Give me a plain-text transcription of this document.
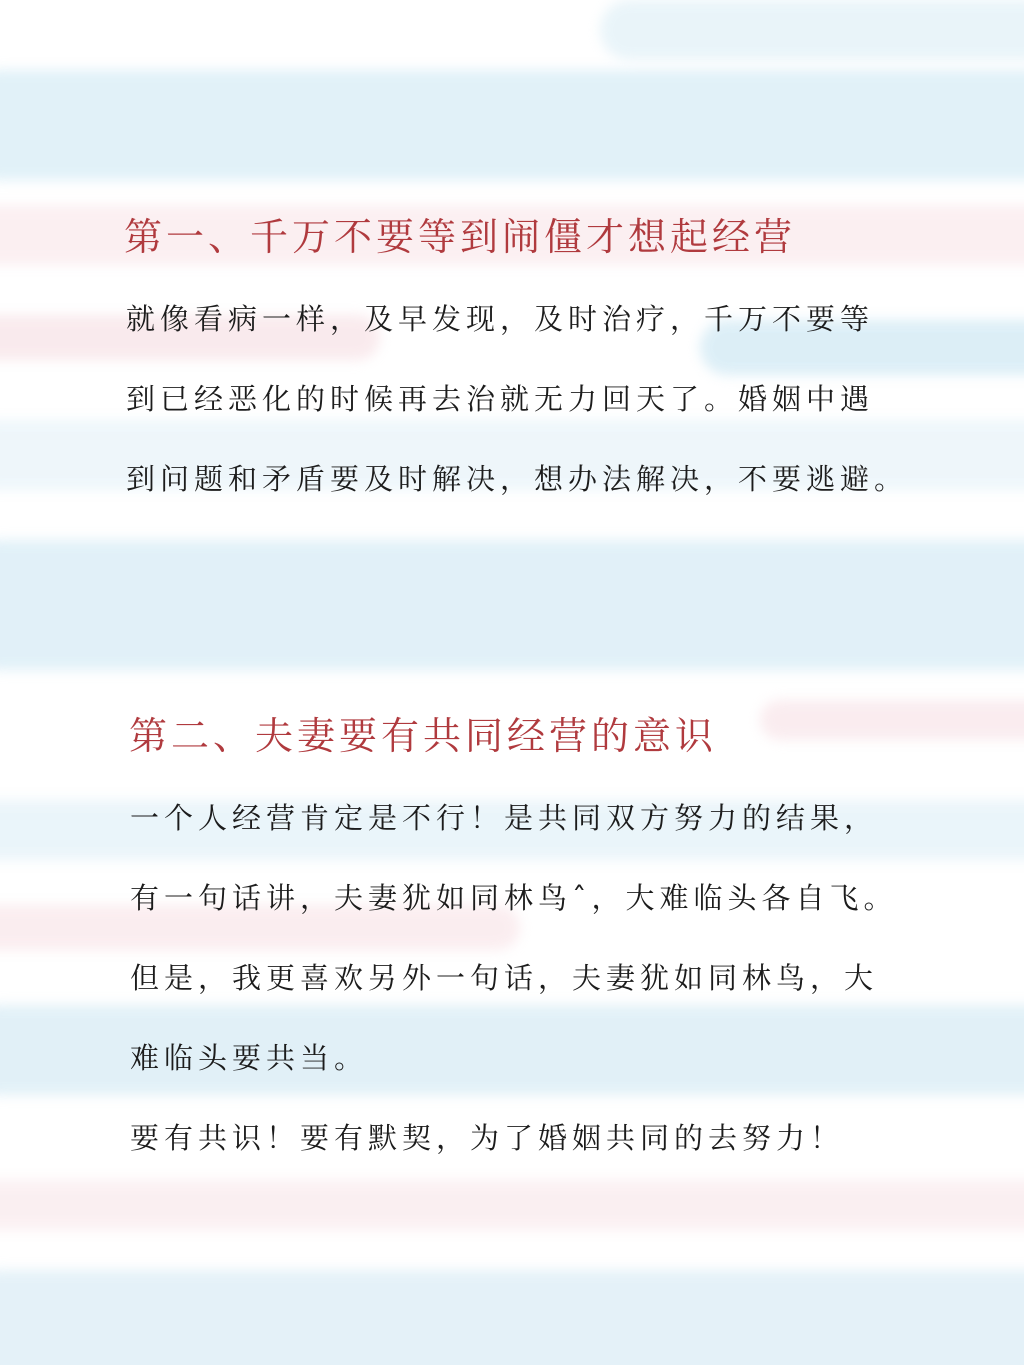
第一、千万不要等到闹僵才想起经营

就像看病一样，及早发现，及时治疗，千万不要等

到已经恶化的时候再去治就无力回天了。婚姻中遇

到问题和矛盾要及时解决，想办法解决，不要逃避。

第二、夫妻要有共同经营的意识

一个人经营肯定是不行！是共同双方努力的结果，

有一句话讲，夫妻犹如同林鸟ˆ，大难临头各自飞。

但是，我更喜欢另外一句话，夫妻犹如同林鸟，大

难临头要共当。

要有共识！要有默契，为了婚姻共同的去努力！
